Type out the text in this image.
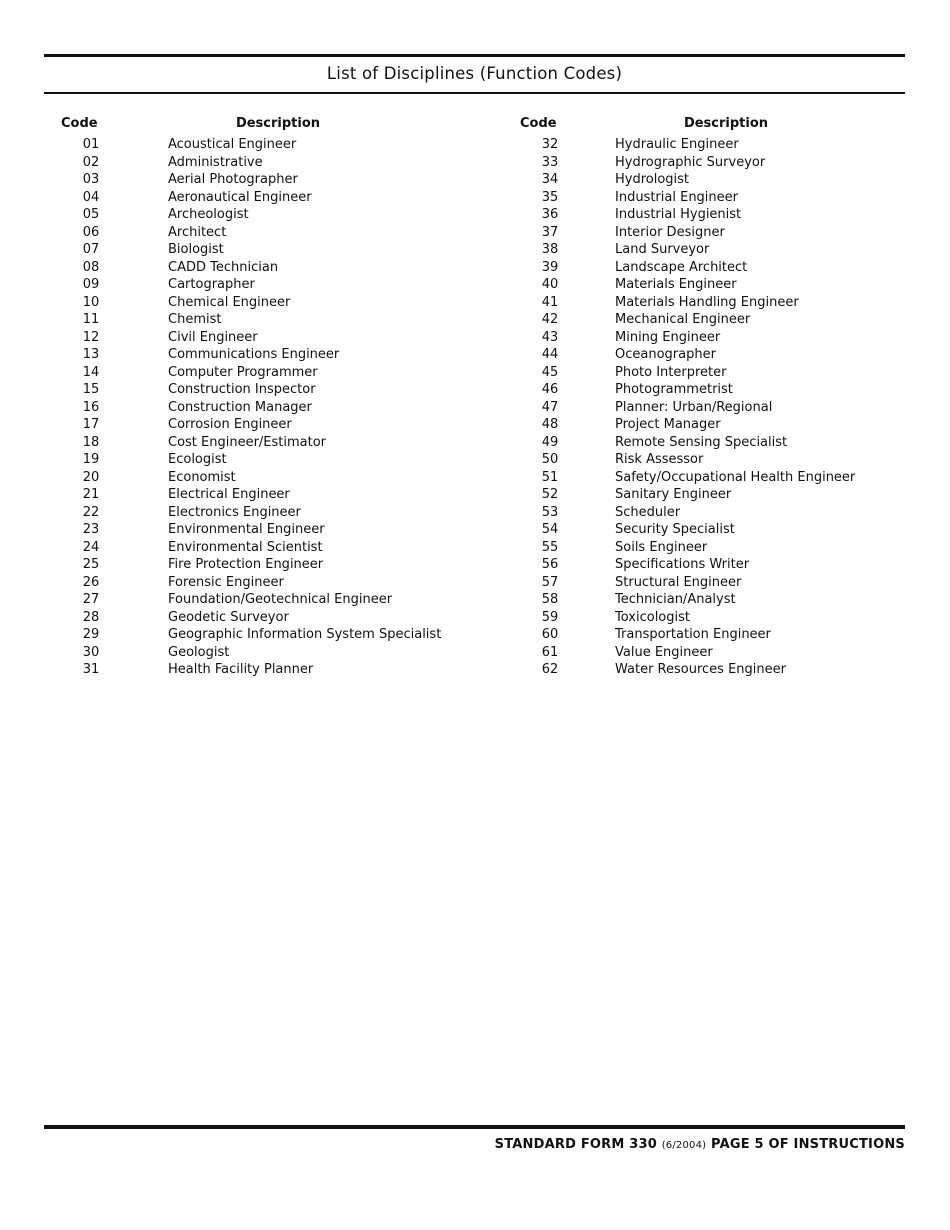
List of Disciplines (Function Codes)
Code	Description
01	Acoustical Engineer
02	Administrative
03	Aerial Photographer
04	Aeronautical Engineer
05	Archeologist
06	Architect
07	Biologist
08	CADD Technician
09	Cartographer
10	Chemical Engineer
11	Chemist
12	Civil Engineer
13	Communications Engineer
14	Computer Programmer
15	Construction Inspector
16	Construction Manager
17	Corrosion Engineer
18	Cost Engineer/Estimator
19	Ecologist
20	Economist
21	Electrical Engineer
22	Electronics Engineer
23	Environmental Engineer
24	Environmental Scientist
25	Fire Protection Engineer
26	Forensic Engineer
27	Foundation/Geotechnical Engineer
28	Geodetic Surveyor
29	Geographic Information System Specialist
30	Geologist
31	Health Facility Planner
Code	Description
32	Hydraulic Engineer
33	Hydrographic Surveyor
34	Hydrologist
35	Industrial Engineer
36	Industrial Hygienist
37	Interior Designer
38	Land Surveyor
39	Landscape Architect
40	Materials Engineer
41	Materials Handling Engineer
42	Mechanical Engineer
43	Mining Engineer
44	Oceanographer
45	Photo Interpreter
46	Photogrammetrist
47	Planner: Urban/Regional
48	Project Manager
49	Remote Sensing Specialist
50	Risk Assessor
51	Safety/Occupational Health Engineer
52	Sanitary Engineer
53	Scheduler
54	Security Specialist
55	Soils Engineer
56	Specifications Writer
57	Structural Engineer
58	Technician/Analyst
59	Toxicologist
60	Transportation Engineer
61	Value Engineer
62	Water Resources Engineer
STANDARD FORM 330 (6/2004) PAGE 5 OF INSTRUCTIONS
